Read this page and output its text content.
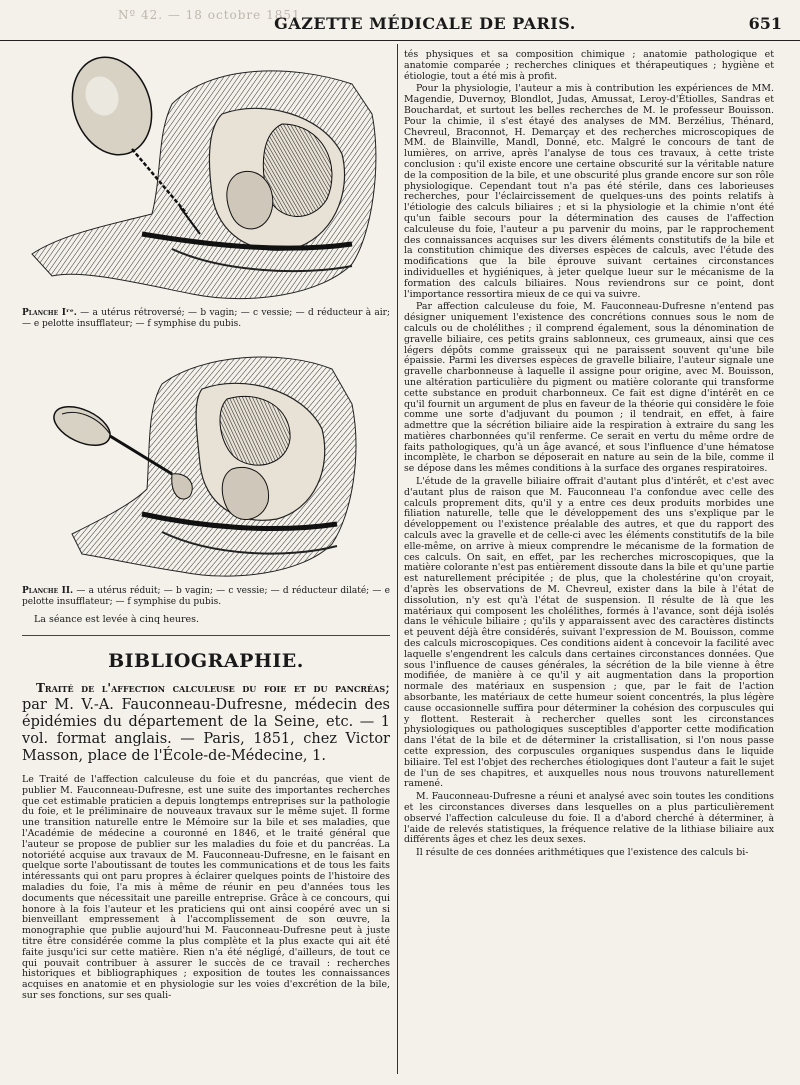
Nº 42. — 18 octobre 1851.
GAZETTE MÉDICALE DE PARIS.	651
Planche Iʳᵉ. — a utérus rétroversé; — b vagin; — c vessie; — d réducteur à air; — e pelotte insufflateur; — f symphise du pubis.
Planche II. — a utérus réduit; — b vagin; — c vessie; — d réducteur dilaté; — e pelotte insufflateur; — f symphise du pubis.
La séance est levée à cinq heures.
BIBLIOGRAPHIE.
Traité de l'affection calculeuse du foie et du pancréas; par M. V.-A. Fauconneau-Dufresne, médecin des épidémies du département de la Seine, etc. — 1 vol. format anglais. — Paris, 1851, chez Victor Masson, place de l'École-de-Médecine, 1.

Le Traité de l'affection calculeuse du foie et du pancréas, que vient de publier M. Fauconneau-Dufresne, est une suite des importantes recherches que cet estimable praticien a depuis longtemps entreprises sur la pathologie du foie, et le préliminaire de nouveaux travaux sur le même sujet. Il forme une transition naturelle entre le Mémoire sur la bile et ses maladies, que l'Académie de médecine a couronné en 1846, et le traité général que l'auteur se propose de publier sur les maladies du foie et du pancréas. La notoriété acquise aux travaux de M. Fauconneau-Dufresne, en le faisant en quelque sorte l'aboutissant de toutes les communications et de tous les faits intéressants qui ont paru propres à éclairer quelques points de l'histoire des maladies du foie, l'a mis à même de réunir en peu d'années tous les documents que nécessitait une pareille entreprise. Grâce à ce concours, qui honore à la fois l'auteur et les praticiens qui ont ainsi coopéré avec un si bienveillant empressement à l'accomplissement de son œuvre, la monographie que publie aujourd'hui M. Fauconneau-Dufresne peut à juste titre être considérée comme la plus complète et la plus exacte qui ait été faite jusqu'ici sur cette matière. Rien n'a été négligé, d'ailleurs, de tout ce qui pouvait contribuer à assurer le succès de ce travail : recherches historiques et bibliographiques ; exposition de toutes les connaissances acquises en anatomie et en physiologie sur les voies d'excrétion de la bile, sur ses fonctions, sur ses quali-

tés physiques et sa composition chimique ; anatomie pathologique et anatomie comparée ; recherches cliniques et thérapeutiques ; hygiène et étiologie, tout a été mis à profit.

Pour la physiologie, l'auteur a mis à contribution les expériences de MM. Magendie, Duvernoy, Blondlot, Judas, Amussat, Leroy-d'Étiolles, Sandras et Bouchardat, et surtout les belles recherches de M. le professeur Bouisson. Pour la chimie, il s'est étayé des analyses de MM. Berzélius, Thénard, Chevreul, Braconnot, H. Demarçay et des recherches microscopiques de MM. de Blainville, Mandl, Donné, etc. Malgré le concours de tant de lumières, on arrive, après l'analyse de tous ces travaux, à cette triste conclusion : qu'il existe encore une certaine obscurité sur la véritable nature de la composition de la bile, et une obscurité plus grande encore sur son rôle physiologique. Cependant tout n'a pas été stérile, dans ces laborieuses recherches, pour l'éclaircissement de quelques-uns des points relatifs à l'étiologie des calculs biliaires ; et si la physiologie et la chimie n'ont été qu'un faible secours pour la détermination des causes de l'affection calculeuse du foie, l'auteur a pu parvenir du moins, par le rapprochement des connaissances acquises sur les divers éléments constitutifs de la bile et la constitution chimique des diverses espèces de calculs, avec l'étude des modifications que la bile éprouve suivant certaines circonstances individuelles et hygiéniques, à jeter quelque lueur sur le mécanisme de la formation des calculs biliaires. Nous reviendrons sur ce point, dont l'importance ressortira mieux de ce qui va suivre.

Par affection calculeuse du foie, M. Fauconneau-Dufresne n'entend pas désigner uniquement l'existence des concrétions connues sous le nom de calculs ou de cholélithes ; il comprend également, sous la dénomination de gravelle biliaire, ces petits grains sablonneux, ces grumeaux, ainsi que ces légers dépôts comme graisseux qui ne paraissent souvent qu'une bile épaissie. Parmi les diverses espèces de gravelle biliaire, l'auteur signale une gravelle charbonneuse à laquelle il assigne pour origine, avec M. Bouisson, une altération particulière du pigment ou matière colorante qui transforme cette substance en produit charbonneux. Ce fait est digne d'intérêt en ce qu'il fournit un argument de plus en faveur de la théorie qui considère le foie comme une sorte d'adjuvant du poumon ; il tendrait, en effet, à faire admettre que la sécrétion biliaire aide la respiration à extraire du sang les matières charbonnées qu'il renferme. Ce serait en vertu du même ordre de faits pathologiques, qu'à un âge avancé, et sous l'influence d'une hématose incomplète, le charbon se déposerait en nature au sein de la bile, comme il se dépose dans les mêmes conditions à la surface des organes respiratoires.

L'étude de la gravelle biliaire offrait d'autant plus d'intérêt, et c'est avec d'autant plus de raison que M. Fauconneau l'a confondue avec celle des calculs proprement dits, qu'il y a entre ces deux produits morbides une filiation naturelle, telle que le développement des uns s'explique par le développement ou l'existence préalable des autres, et que du rapport des calculs avec la gravelle et de celle-ci avec les éléments constitutifs de la bile elle-même, on arrive à mieux comprendre le mécanisme de la formation de ces calculs. On sait, en effet, par les recherches microscopiques, que la matière colorante n'est pas entièrement dissoute dans la bile et qu'une partie est naturellement précipitée ; de plus, que la cholestérine qu'on croyait, d'après les observations de M. Chevreul, exister dans la bile à l'état de dissolution, n'y est qu'à l'état de suspension. Il résulte de là que les matériaux qui composent les cholélithes, formés à l'avance, sont déjà isolés dans le véhicule biliaire ; qu'ils y apparaissent avec des caractères distincts et peuvent déjà être considérés, suivant l'expression de M. Bouisson, comme des calculs microscopiques. Ces conditions aident à concevoir la facilité avec laquelle s'engendrent les calculs dans certaines circonstances données. Que sous l'influence de causes générales, la sécrétion de la bile vienne à être modifiée, de manière à ce qu'il y ait augmentation dans la proportion normale des matériaux en suspension ; que, par le fait de l'action absorbante, les matériaux de cette humeur soient concentrés, la plus légère cause occasionnelle suffira pour déterminer la cohésion des corpuscules qui y flottent. Resterait à rechercher quelles sont les circonstances physiologiques ou pathologiques susceptibles d'apporter cette modification dans l'état de la bile et de déterminer la cristallisation, si l'on nous passe cette expression, des corpuscules organiques suspendus dans le liquide biliaire. Tel est l'objet des recherches étiologiques dont l'auteur a fait le sujet de l'un de ses chapitres, et auxquelles nous nous trouvons naturellement ramené.

M. Fauconneau-Dufresne a réuni et analysé avec soin toutes les conditions et les circonstances diverses dans lesquelles on a plus particulièrement observé l'affection calculeuse du foie. Il a d'abord cherché à déterminer, à l'aide de relevés statistiques, la fréquence relative de la lithiase biliaire aux différents âges et chez les deux sexes.

Il résulte de ces données arithmétiques que l'existence des calculs bi-
